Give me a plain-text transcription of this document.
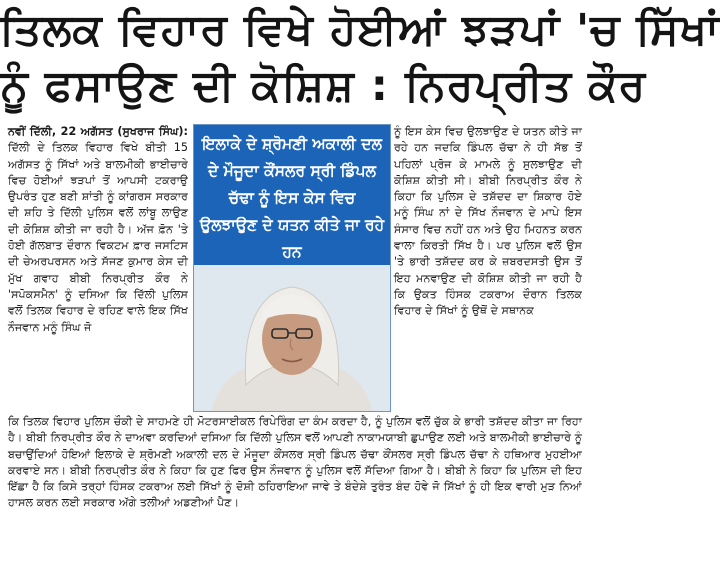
ਤਿਲਕ ਵਿਹਾਰ ਵਿਖੇ ਹੋਈਆਂ ਝੜਪਾਂ 'ਚ ਸਿੱਖਾਂ
ਨੂੰ ਫਸਾਉਣ ਦੀ ਕੋਸ਼ਿਸ਼ : ਨਿਰਪ੍ਰੀਤ ਕੌਰ

ਨਵੀਂ ਦਿੱਲੀ, 22 ਅਗੱਸਤ (ਸੁਖਰਾਜ ਸਿੰਘ): ਦਿੱਲੀ ਦੇ ਤਿਲਕ ਵਿਹਾਰ ਵਿਖੇ ਬੀਤੀ 15 ਅਗੱਸਤ ਨੂੰ ਸਿੱਖਾਂ ਅਤੇ ਬਾਲਮੀਕੀ ਭਾਈਚਾਰੇ ਵਿਚ ਹੋਈਆਂ ਝੜਪਾਂ ਤੋਂ ਆਪਸੀ ਟਕਰਾਉ ਉਪਰੰਤ ਹੁਣ ਬਣੀ ਸ਼ਾਂਤੀ ਨੂੰ ਕਾਂਗਰਸ ਸਰਕਾਰ ਦੀ ਸ਼ਹਿ ਤੇ ਦਿੱਲੀ ਪੁਲਿਸ ਵਲੋਂ ਲਾਂਬੂ ਲਾਉਣ ਦੀ ਕੋਸ਼ਿਸ਼ ਕੀਤੀ ਜਾ ਰਹੀ ਹੈ। ਅੱਜ ਫ਼ੋਨ 'ਤੇ ਹੋਈ ਗੱਲਬਾਤ ਦੌਰਾਨ ਵਿਕਟਮ ਫ਼ਾਰ ਜਸਟਿਸ ਦੀ ਚੇਅਰਪਰਸਨ ਅਤੇ ਸੱਜਣ ਕੁਮਾਰ ਕੇਸ ਦੀ ਮੁੱਖ ਗਵਾਹ ਬੀਬੀ ਨਿਰਪ੍ਰੀਤ ਕੌਰ ਨੇ 'ਸਪੋਕਸਮੈਨ' ਨੂੰ ਦਸਿਆ ਕਿ ਦਿੱਲੀ ਪੁਲਿਸ ਵਲੋਂ ਤਿਲਕ ਵਿਹਾਰ ਦੇ ਰਹਿਣ ਵਾਲੇ ਇਕ ਸਿੱਖ ਨੌਜਵਾਨ ਮਨੂੰ ਸਿੰਘ ਜੋ

ਇਲਾਕੇ ਦੇ ਸ਼੍ਰੋਮਣੀ ਅਕਾਲੀ ਦਲ ਦੇ ਮੌਜੂਦਾ ਕੌਂਸਲਰ ਸ੍ਰੀ ਡਿੰਪਲ ਚੱਢਾ ਨੂੰ ਇਸ ਕੇਸ ਵਿਚ ਉਲਝਾਉਣ ਦੇ ਯਤਨ ਕੀਤੇ ਜਾ ਰਹੇ ਹਨ

ਨੂੰ ਇਸ ਕੇਸ ਵਿਚ ਉਲਝਾਉਣ ਦੇ ਯਤਨ ਕੀਤੇ ਜਾ ਰਹੇ ਹਨ ਜਦਕਿ ਡਿੰਪਲ ਚੱਢਾ ਨੇ ਹੀ ਸੱਭ ਤੋਂ ਪਹਿਲਾਂ ਪ੍ਰੋਜ ਕੇ ਮਾਮਲੇ ਨੂੰ ਸੁਲਝਾਉਣ ਦੀ ਕੋਸ਼ਿਸ਼ ਕੀਤੀ ਸੀ। ਬੀਬੀ ਨਿਰਪ੍ਰੀਤ ਕੌਰ ਨੇ ਕਿਹਾ ਕਿ ਪੁਲਿਸ ਦੇ ਤਸ਼ੱਦਦ ਦਾ ਸ਼ਿਕਾਰ ਹੋਏ ਮਨੂੰ ਸਿੰਘ ਨਾਂ ਦੇ ਸਿੱਖ ਨੌਜਵਾਨ ਦੇ ਮਾਪੇ ਇਸ ਸੰਸਾਰ ਵਿਚ ਨਹੀਂ ਹਨ ਅਤੇ ਉਹ ਮਿਹਨਤ ਕਰਨ ਵਾਲਾ ਕਿਰਤੀ ਸਿੱਖ ਹੈ। ਪਰ ਪੁਲਿਸ ਵਲੋਂ ਉਸ 'ਤੇ ਭਾਰੀ ਤਸ਼ੱਦਦ ਕਰ ਕੇ ਜ਼ਬਰਦਸਤੀ ਉਸ ਤੋਂ ਇਹ ਮਨਵਾਉਣ ਦੀ ਕੋਸ਼ਿਸ਼ ਕੀਤੀ ਜਾ ਰਹੀ ਹੈ ਕਿ ਉਕਤ ਹਿੰਸਕ ਟਕਰਾਅ ਦੌਰਾਨ ਤਿਲਕ ਵਿਹਾਰ ਦੇ ਸਿੱਖਾਂ ਨੂੰ ਉਥੋਂ ਦੇ ਸਥਾਨਕ

ਕਿ ਤਿਲਕ ਵਿਹਾਰ ਪੁਲਿਸ ਚੌਕੀ ਦੇ ਸਾਹਮਣੇ ਹੀ ਮੋਟਰਸਾਈਕਲ ਰਿਪੇਰਿੰਗ ਦਾ ਕੰਮ ਕਰਦਾ ਹੈ, ਨੂੰ ਪੁਲਿਸ ਵਲੋਂ ਚੁੱਕ ਕੇ ਭਾਰੀ ਤਸ਼ੱਦਦ ਕੀਤਾ ਜਾ ਰਿਹਾ ਹੈ। ਬੀਬੀ ਨਿਰਪ੍ਰੀਤ ਕੌਰ ਨੇ ਦਾਅਵਾ ਕਰਦਿਆਂ ਦਸਿਆ ਕਿ ਦਿੱਲੀ ਪੁਲਿਸ ਵਲੋਂ ਆਪਣੀ ਨਾਕਾਮਯਾਬੀ ਛੁਪਾਉਣ ਲਈ ਅਤੇ ਬਾਲਮੀਕੀ ਭਾਈਚਾਰੇ ਨੂੰ ਬਚਾਉਂਦਿਆਂ ਹੋਇਆਂ ਇਲਾਕੇ ਦੇ ਸ਼੍ਰੋਮਣੀ ਅਕਾਲੀ ਦਲ ਦੇ ਮੌਜੂਦਾ ਕੌਂਸਲਰ ਸ੍ਰੀ ਡਿੰਪਲ ਚੱਢਾ ਕੌਂਸਲਰ ਸ੍ਰੀ ਡਿੰਪਲ ਚੱਢਾ ਨੇ ਹਥਿਆਰ ਮੁਹਈਆ ਕਰਵਾਏ ਸਨ। ਬੀਬੀ ਨਿਰਪ੍ਰੀਤ ਕੌਰ ਨੇ ਕਿਹਾ ਕਿ ਹੁਣ ਫਿਰ ਉਸ ਨੌਜਵਾਨ ਨੂੰ ਪੁਲਿਸ ਵਲੋਂ ਸੱਦਿਆ ਗਿਆ ਹੈ। ਬੀਬੀ ਨੇ ਕਿਹਾ ਕਿ ਪੁਲਿਸ ਦੀ ਇਹ ਇੱਛਾ ਹੈ ਕਿ ਕਿਸੇ ਤਰ੍ਹਾਂ ਹਿੰਸਕ ਟਕਰਾਅ ਲਈ ਸਿੱਖਾਂ ਨੂੰ ਦੋਸ਼ੀ ਠਹਿਰਾਇਆ ਜਾਵੇ ਤੇ ਬੰਦੇਸ਼ੇ ਤੁਰੰਤ ਬੰਦ ਹੋਵੇ ਜੋ ਸਿੱਖਾਂ ਨੂੰ ਹੀ ਇਕ ਵਾਰੀ ਮੁੜ ਨਿਆਂ ਹਾਸਲ ਕਰਨ ਲਈ ਸਰਕਾਰ ਅੱਗੇ ਤਲੀਆਂ ਅਡਣੀਆਂ ਪੈਣ।
